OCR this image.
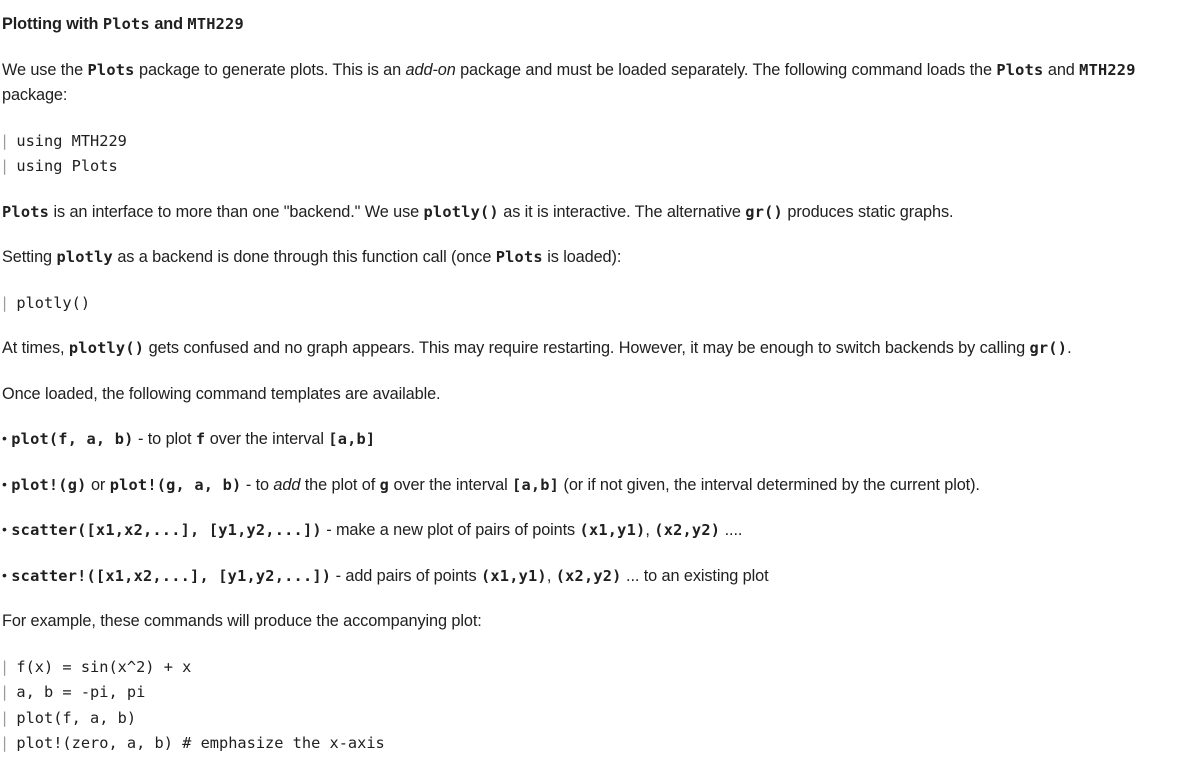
Plotting with Plots and MTH229
We use the Plots package to generate plots. This is an add-on package and must be loaded separately. The following command loads the Plots and MTH229
package:
| using MTH229
| using Plots
Plots is an interface to more than one "backend." We use plotly() as it is interactive. The alternative gr() produces static graphs.
Setting plotly as a backend is done through this function call (once Plots is loaded):
| plotly()
At times, plotly() gets confused and no graph appears. This may require restarting. However, it may be enough to switch backends by calling gr().
Once loaded, the following command templates are available.
• plot(f, a, b) - to plot f over the interval [a,b]
• plot!(g) or plot!(g, a, b) - to add the plot of g over the interval [a,b] (or if not given, the interval determined by the current plot).
• scatter([x1,x2,...], [y1,y2,...]) - make a new plot of pairs of points (x1,y1), (x2,y2) ....
• scatter!([x1,x2,...], [y1,y2,...]) - add pairs of points (x1,y1), (x2,y2) ... to an existing plot
For example, these commands will produce the accompanying plot:
| f(x) = sin(x^2) + x
| a, b = -pi, pi
| plot(f, a, b)
| plot!(zero, a, b) # emphasize the x-axis
